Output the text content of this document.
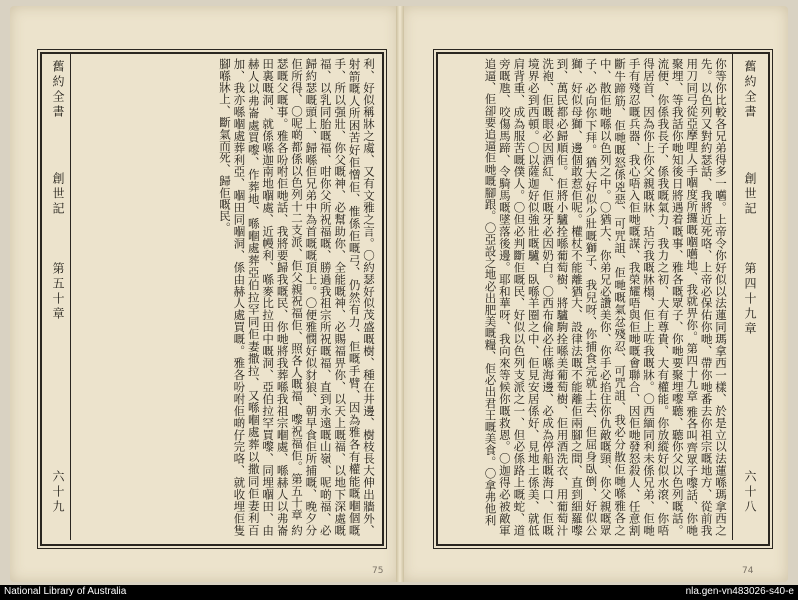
舊約全書
創世記
第五十章
六十九	利、好似稱牀之䖏、又有文雅之言。〇約瑟好似茂盛嘅樹、種在井邊、樹枝長大伸出牆外、射箭嘅人所困苦好佢憎佢、惟係佢嘅弓、仍然有力、佢嘅手臂、因為雅各有權能嘅嗰個嘅手、所以强壯、你父嘅神、必幫助你、全能嘅神、必賜福畀你、以天上嘅福、以地下深處嘅福、以乳同胎嘅福、咁你父所祝福嘅、勝過我祖宗所祝嘅福、直到永遠嘅山嶺、呢啲福、必歸約瑟嘅頭上、歸喺佢兄弟中為首嘅嘅頂上。〇便雅憫好似豺狼、朝早食佢所捕嘅、晚夕分佢所得、〇呢啲都係以色列十二支派、佢父親祝福佢、照各人嘅福、嚟祝福佢。第五十章 約瑟嘅父嘅事。雅各吩咐佢哋話、我將要歸我嘅民、你哋將我葬喺我祖宗嗰處、喺赫人以弗崙田裏嘅洞、就係喺迦南地嗰處、近幔利、喺麥比拉田中嘅洞、亞伯拉罕買嚟、同埋嗰田、由赫人以弗崙處買嚟、作葬地、喺嗰處葬亞伯拉罕同佢妻撒拉、又喺嗰處葬以撒同佢妻利百加、我亦喺嗰處葬利亞、嗰田同嗰洞、係由赫人處買嘅。雅各吩咐佢啲仔完咯、就收埋佢隻腳喺牀上、斷氣而死、歸佢嘅民。
75
舊約全書
創世記
第四十九章
六十八
你等你比較各兄弟得多一嚿。上帝令你好似以法蓮同瑪拿西一樣、於是立以法蓮喺瑪拿西之先。以色列又對約瑟話、我將近死咯、上帝必保佑你哋、帶你哋番去你祖宗嘅地方、從前我用刀同弓從亞摩哩人手嗰度所攞嘅嗰嚿地、我就畀你。第四十九章 雅各叫齊眾子嚟話、你哋聚埋、等我話你哋知後日將遇着嘅事、雅各嘅眾子、你哋要聚埋嚟聽、聽你父以色列嘅話。流便、你係我長子、係我嘅氣力、我力之初、大有尊貴、大有權能。你放縱好似水滾、你唔得居首、因為你上你父親嘅牀、玷污我嘅牀榻、佢上咗我嘅牀。〇西緬同利未係兄弟、佢哋手有殘忍嘅兵器、我心唔入佢哋嘅謀、我榮耀唔與佢哋嘅會聯合、因佢哋發怒殺人、任意割斷牛蹄筋、佢哋嘅怒係兇惡、可咒詛、佢哋嘅氣忿殘忍、可咒詛、我必分散佢哋喺雅各之中、散佢哋喺以色列之中。〇猶大、你弟兄必讚美你、你手必掐住你仇敵嘅頸、你父親嘅眾子、必向你下拜。猶大好似少壯嘅獅子、我兒呀、你捕食完就上去、佢屈身臥倒、好似公獅、好似母獅、邊個敢惹佢呢。權杖不能離猶大、設律法嘅不能離佢兩腳之間、直到細羅嚟到、萬民都必歸順佢。佢將小驢拴喺葡萄樹、將驢駒拴喺美葡萄樹、佢用酒洗衣、用葡萄汁洗袍、佢嘅眼必因酒紅、佢嘅牙必因奶白。〇西布倫必住喺海邊、必成為停船嘅海口、佢嘅境界必到西頓。〇以薩迦好似強壯嘅驢、臥喺羊圈之中、佢見安居係好、見地土係美、就低肩背重、成為服苦嘅僕人。〇但必判斷佢嘅民、好似以色列支派之一、但必係路上嘅蛇、道旁嘅虺、咬傷馬蹄、令騎馬嘅墜落後邊。耶和華呀、我向來等候你嘅救恩。〇迦得必被敵軍追逼、佢卻要追逼佢哋嘅腳跟。〇亞設之地必出肥美嘅糧、佢必出君王嘅美食。〇拿弗他利
74
National Library of Australia	nla.gen-vn483026-s40-e
